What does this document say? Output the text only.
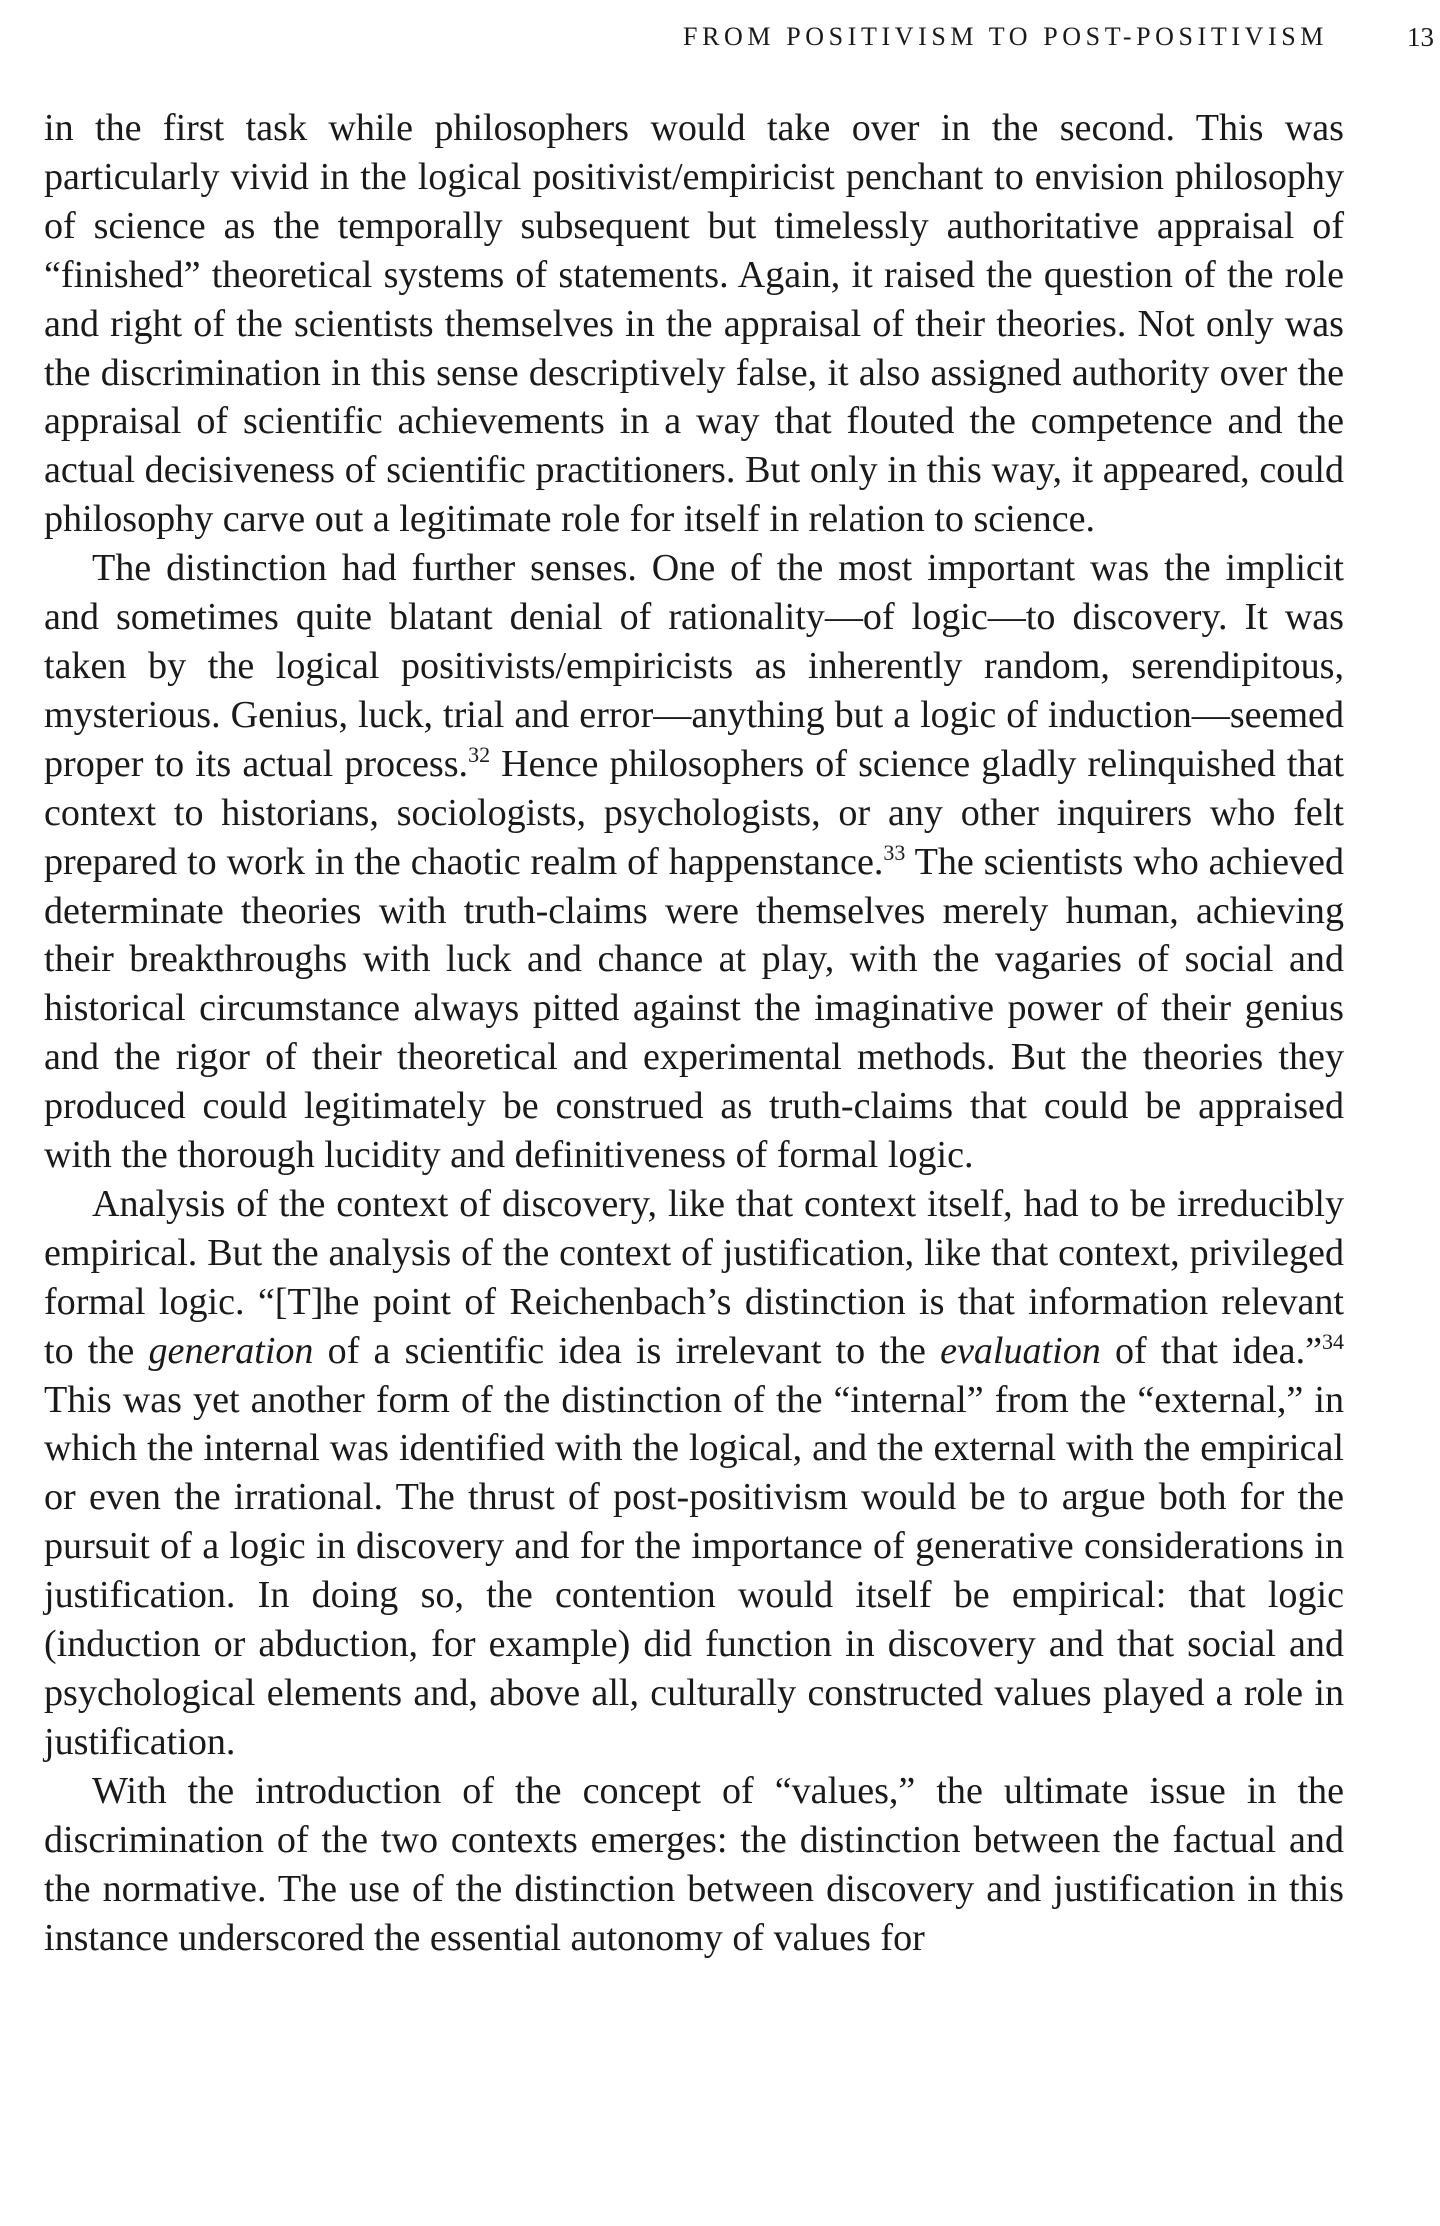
FROM POSITIVISM TO POST-POSITIVISM	13

in the first task while philosophers would take over in the second. This was particularly vivid in the logical positivist/empiricist penchant to envision philosophy of science as the temporally subsequent but timelessly authoritative appraisal of “finished” theoretical systems of statements. Again, it raised the question of the role and right of the scientists themselves in the appraisal of their theories. Not only was the discrimination in this sense descriptively false, it also assigned authority over the appraisal of scientific achievements in a way that flouted the competence and the actual decisiveness of scientific practitioners. But only in this way, it appeared, could philosophy carve out a legitimate role for itself in relation to science.

The distinction had further senses. One of the most important was the implicit and sometimes quite blatant denial of rationality—of logic—to discovery. It was taken by the logical positivists/empiricists as inherently random, serendipitous, mysterious. Genius, luck, trial and error—anything but a logic of induction—seemed proper to its actual process.$^{32}$ Hence philosophers of science gladly relinquished that context to historians, sociologists, psychologists, or any other inquirers who felt prepared to work in the chaotic realm of happenstance.$^{33}$ The scientists who achieved determinate theories with truth-claims were themselves merely human, achieving their breakthroughs with luck and chance at play, with the vagaries of social and historical circumstance always pitted against the imaginative power of their genius and the rigor of their theoretical and experimental methods. But the theories they produced could legitimately be construed as truth-claims that could be appraised with the thorough lucidity and definitiveness of formal logic.

Analysis of the context of discovery, like that context itself, had to be irreducibly empirical. But the analysis of the context of justification, like that context, privileged formal logic. “[T]he point of Reichenbach’s distinction is that information relevant to the generation of a scientific idea is irrelevant to the evaluation of that idea.”$^{34}$ This was yet another form of the distinction of the “internal” from the “external,” in which the internal was identified with the logical, and the external with the empirical or even the irrational. The thrust of post-positivism would be to argue both for the pursuit of a logic in discovery and for the importance of generative considerations in justification. In doing so, the contention would itself be empirical: that logic (induction or abduction, for example) did function in discovery and that social and psychological elements and, above all, culturally constructed values played a role in justification.

With the introduction of the concept of “values,” the ultimate issue in the discrimination of the two contexts emerges: the distinction between the factual and the normative. The use of the distinction between discovery and justification in this instance underscored the essential autonomy of values for
